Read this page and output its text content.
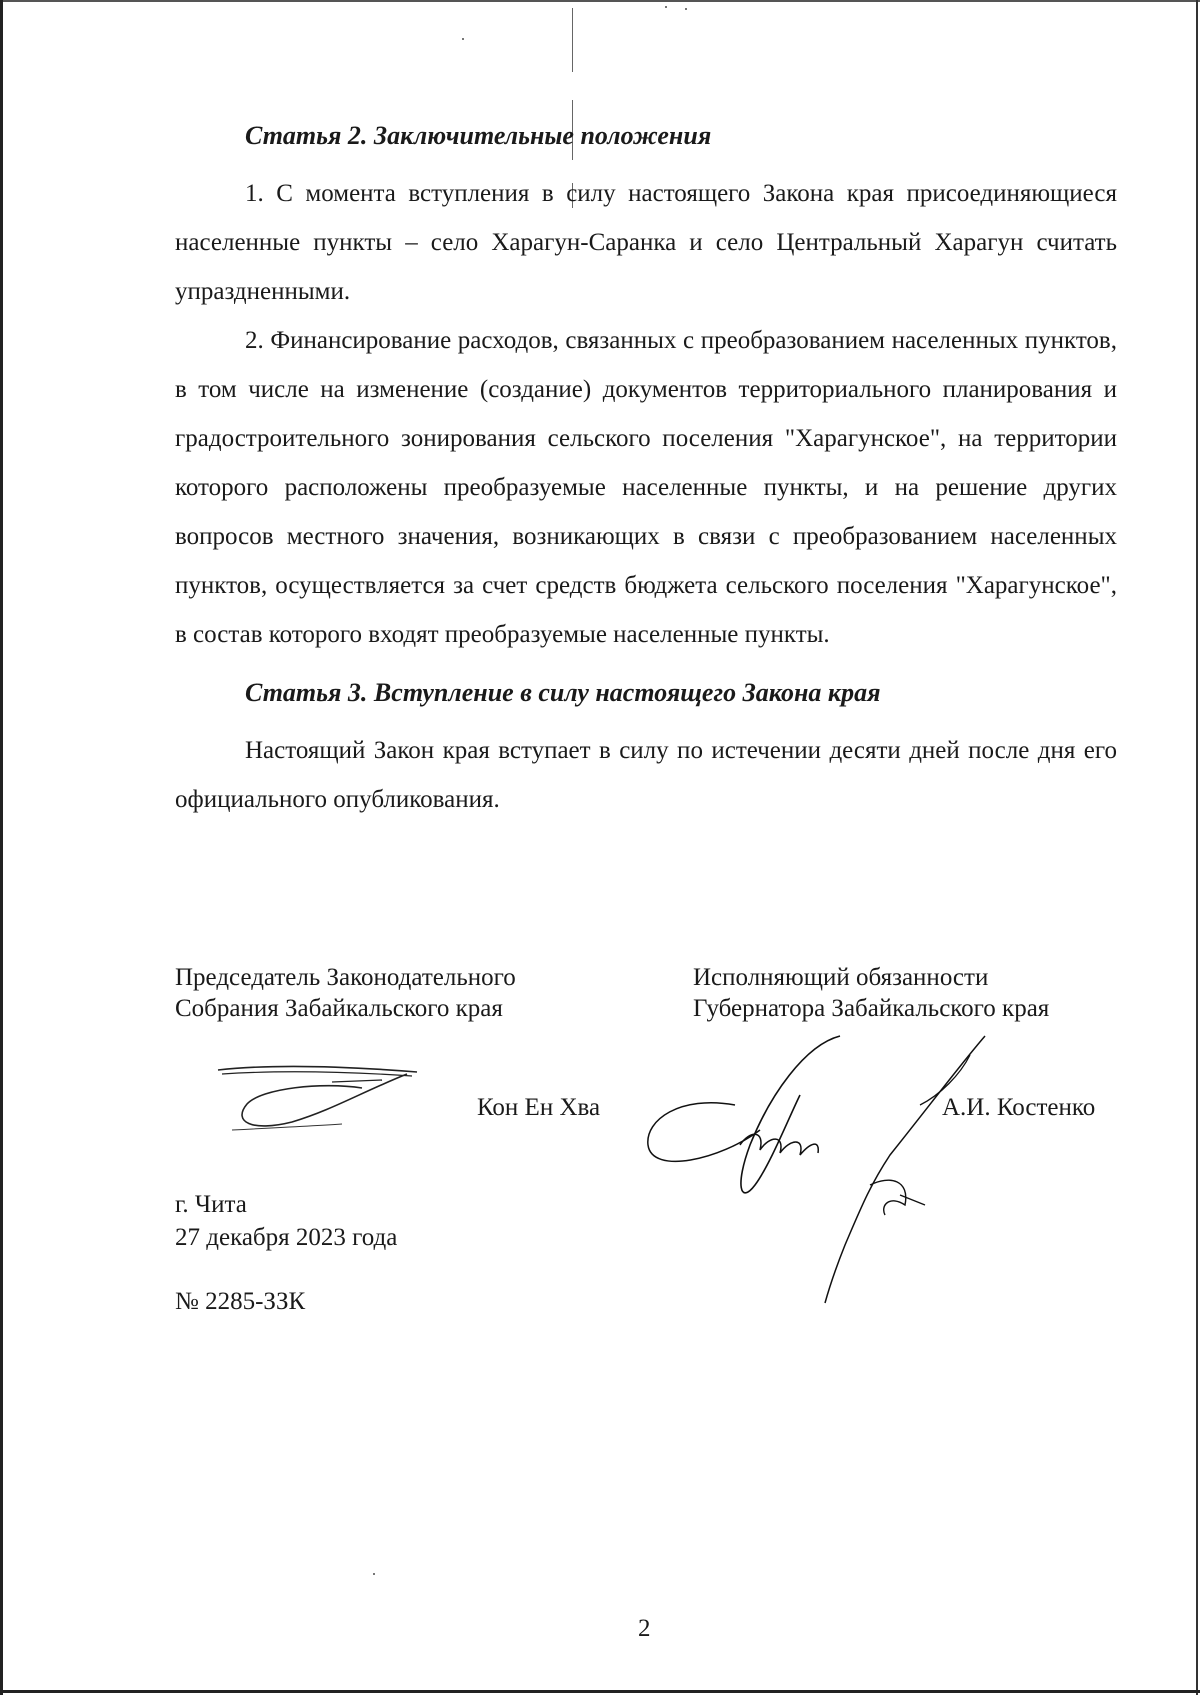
Статья 2. Заключительные положения

1. С момента вступления в силу настоящего Закона края присоединяющиеся населенные пункты – село Харагун-Саранка и село Центральный Харагун считать упраздненными.

2. Финансирование расходов, связанных с преобразованием населенных пунктов, в том числе на изменение (создание) документов территориального планирования и градостроительного зонирования сельского поселения "Харагунское", на территории которого расположены преобразуемые населенные пункты, и на решение других вопросов местного значения, возникающих в связи с преобразованием населенных пунктов, осуществляется за счет средств бюджета сельского поселения "Харагунское", в состав которого входят преобразуемые населенные пункты.

Статья 3. Вступление в силу настоящего Закона края

Настоящий Закон края вступает в силу по истечении десяти дней после дня его официального опубликования.

Председатель Законодательного
Собрания Забайкальского края
Исполняющий обязанности
Губернатора Забайкальского края
Кон Ен Хва	А.И. Костенко
г. Чита
27 декабря 2023 года
№ 2285-ЗЗК
2
